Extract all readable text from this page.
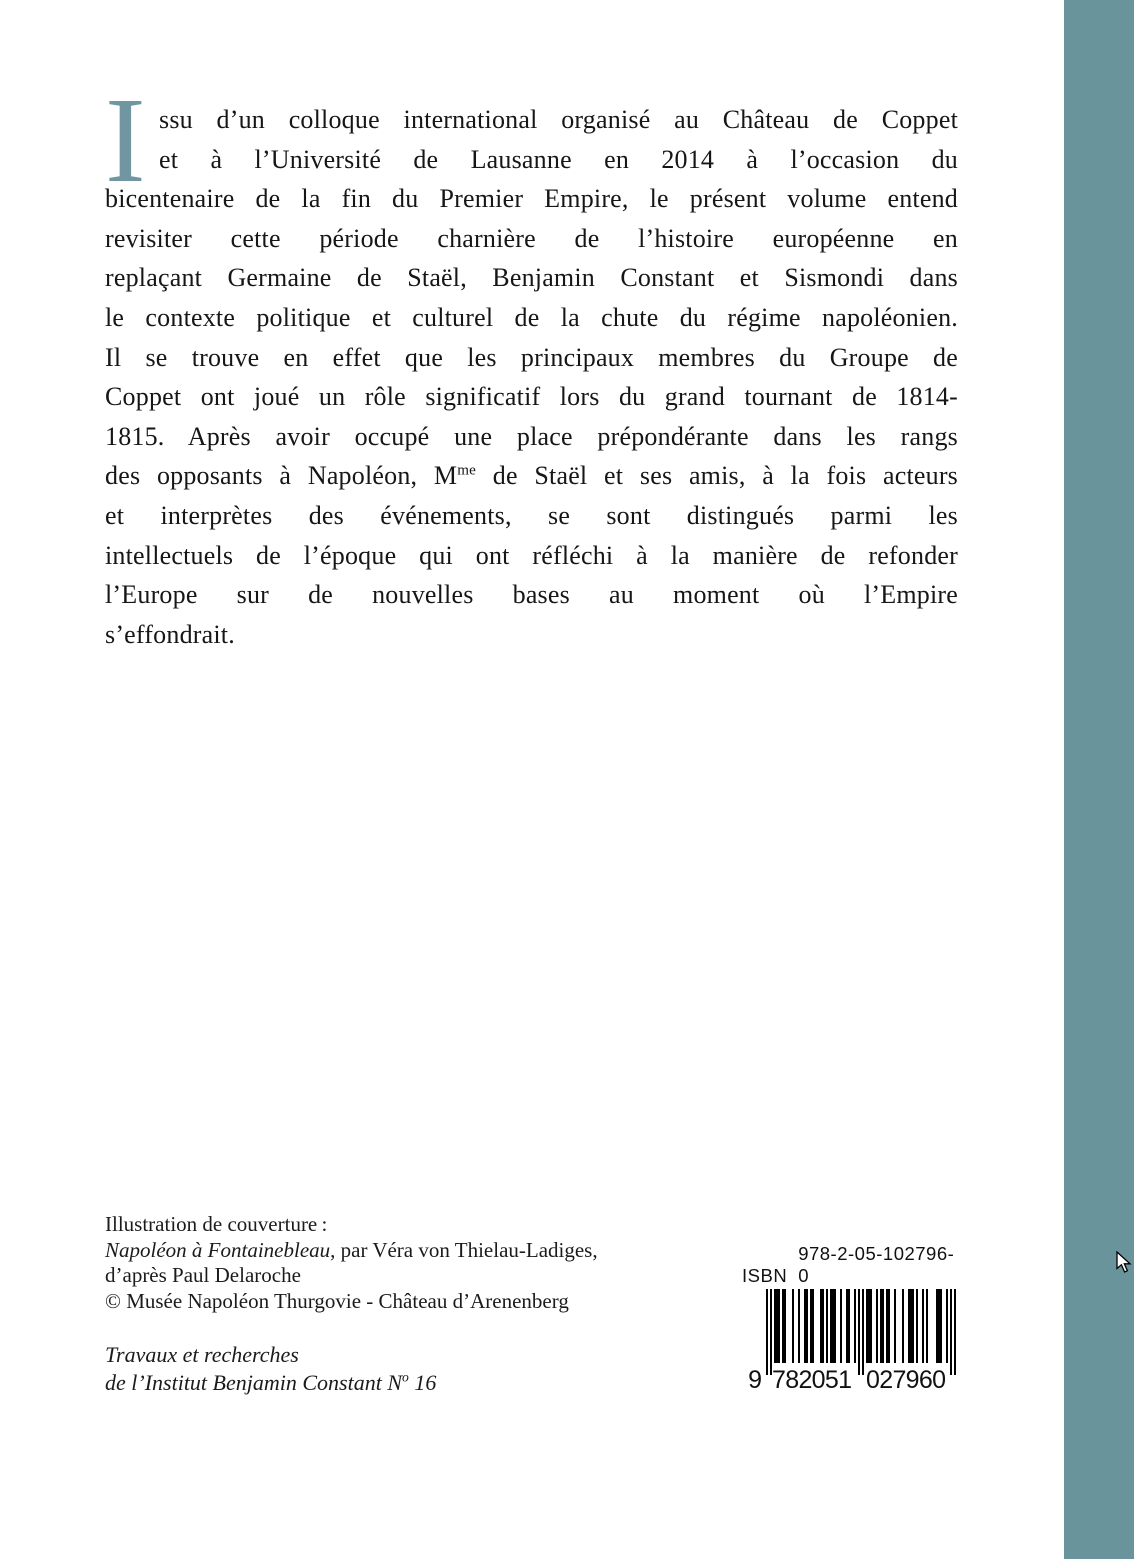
I ssu d’un colloque international organisé au Château de Coppet
et à l’Université de Lausanne en 2014 à l’occasion du
bicentenaire de la fin du Premier Empire, le présent volume entend
revisiter cette période charnière de l’histoire européenne en
replaçant Germaine de Staël, Benjamin Constant et Sismondi dans
le contexte politique et culturel de la chute du régime napoléonien.
Il se trouve en effet que les principaux membres du Groupe de
Coppet ont joué un rôle significatif lors du grand tournant de 1814-
1815. Après avoir occupé une place prépondérante dans les rangs
des opposants à Napoléon, $M^{me}$ de Staël et ses amis, à la fois acteurs
et interprètes des événements, se sont distingués parmi les
intellectuels de l’époque qui ont réfléchi à la manière de refonder
l’Europe sur de nouvelles bases au moment où l’Empire
s’effondrait.
Illustration de couverture :
Napoléon à Fontainebleau, par Véra von Thielau-Ladiges,
d’après Paul Delaroche
© Musée Napoléon Thurgovie - Château d’Arenenberg
Travaux et recherches
de l’Institut Benjamin Constant $N^o$ 16
ISBN
978-2-05-102796-0
9 782051 027960
